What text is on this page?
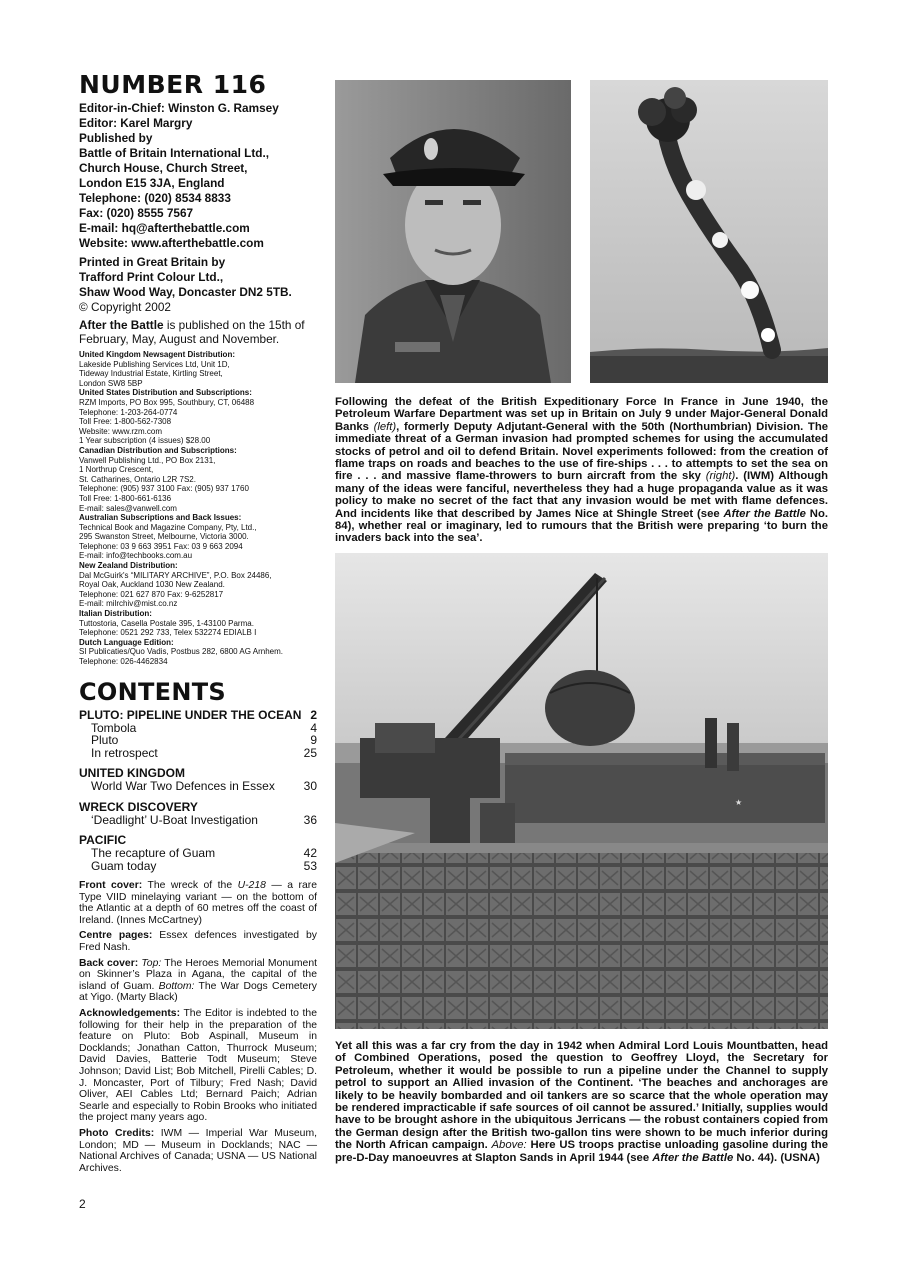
NUMBER 116
Editor-in-Chief: Winston G. Ramsey
Editor: Karel Margry
Published by
Battle of Britain International Ltd.,
Church House, Church Street,
London E15 3JA, England
Telephone: (020) 8534 8833
Fax: (020) 8555 7567
E-mail: hq@afterthebattle.com
Website: www.afterthebattle.com
Printed in Great Britain by
Trafford Print Colour Ltd.,
Shaw Wood Way, Doncaster DN2 5TB.
© Copyright 2002
After the Battle is published on the 15th of February, May, August and November.
United Kingdom Newsagent Distribution:
Lakeside Publishing Services Ltd, Unit 1D,
Tideway Industrial Estate, Kirtling Street,
London SW8 5BP
United States Distribution and Subscriptions:
RZM Imports, PO Box 995, Southbury, CT, 06488
Telephone: 1-203-264-0774
Toll Free: 1-800-562-7308
Website: www.rzm.com
1 Year subscription (4 issues) $28.00
Canadian Distribution and Subscriptions:
Vanwell Publishing Ltd., PO Box 2131,
1 Northrup Crescent,
St. Catharines, Ontario L2R 7S2.
Telephone: (905) 937 3100 Fax: (905) 937 1760
Toll Free: 1-800-661-6136
E-mail: sales@vanwell.com
Australian Subscriptions and Back Issues:
Technical Book and Magazine Company, Pty, Ltd.,
295 Swanston Street, Melbourne, Victoria 3000.
Telephone: 03 9 663 3951 Fax: 03 9 663 2094
E-mail: info@techbooks.com.au
New Zealand Distribution:
Dal McGuirk's “MILITARY ARCHIVE”, P.O. Box 24486,
Royal Oak, Auckland 1030 New Zealand.
Telephone: 021 627 870 Fax: 9-6252817
E-mail: milrchiv@mist.co.nz
Italian Distribution:
Tuttostoria, Casella Postale 395, 1-43100 Parma.
Telephone: 0521 292 733, Telex 532274 EDIALB I
Dutch Language Edition:
SI Publicaties/Quo Vadis, Postbus 282, 6800 AG Arnhem.
Telephone: 026-4462834
CONTENTS
PLUTO: PIPELINE UNDER THE OCEAN 2
Tombola	4
Pluto	9
In retrospect	25
UNITED KINGDOM
World War Two Defences in Essex 30
WRECK DISCOVERY
‘Deadlight’ U-Boat Investigation	36
PACIFIC
The recapture of Guam	42
Guam today	53

Front cover: The wreck of the U-218 — a rare Type VIID minelaying variant — on the bottom of the Atlantic at a depth of 60 metres off the coast of Ireland. (Innes McCartney)

Centre pages: Essex defences investigated by Fred Nash.

Back cover: Top: The Heroes Memorial Monument on Skinner’s Plaza in Agana, the capital of the island of Guam. Bottom: The War Dogs Cemetery at Yigo. (Marty Black)

Acknowledgements: The Editor is indebted to the following for their help in the preparation of the feature on Pluto: Bob Aspinall, Museum in Docklands; Jonathan Catton, Thurrock Museum; David Davies, Batterie Todt Museum; Steve Johnson; David List; Bob Mitchell, Pirelli Cables; D. J. Moncaster, Port of Tilbury; Fred Nash; David Oliver, AEI Cables Ltd; Bernard Paich; Adrian Searle and especially to Robin Brooks who initiated the project many years ago.

Photo Credits: IWM — Imperial War Museum, London; MD — Museum in Docklands; NAC — National Archives of Canada; USNA — US National Archives.

Following the defeat of the British Expeditionary Force In France in June 1940, the Petroleum Warfare Department was set up in Britain on July 9 under Major-General Donald Banks (left), formerly Deputy Adjutant-General with the 50th (Northumbrian) Division. The immediate threat of a German invasion had prompted schemes for using the accumulated stocks of petrol and oil to defend Britain. Novel experiments followed: from the creation of flame traps on roads and beaches to the use of fire-ships . . . to attempts to set the sea on fire . . . and massive flame-throwers to burn aircraft from the sky (right). (IWM) Although many of the ideas were fanciful, nevertheless they had a huge propaganda value as it was policy to make no secret of the fact that any invasion would be met with flame defences. And incidents like that described by James Nice at Shingle Street (see After the Battle No. 84), whether real or imaginary, led to rumours that the British were preparing ‘to burn the invaders back into the sea’.
★
Yet all this was a far cry from the day in 1942 when Admiral Lord Louis Mountbatten, head of Combined Operations, posed the question to Geoffrey Lloyd, the Secretary for Petroleum, whether it would be possible to run a pipeline under the Channel to supply petrol to support an Allied invasion of the Continent. ‘The beaches and anchorages are likely to be heavily bombarded and oil tankers are so scarce that the whole operation may be rendered impracticable if safe sources of oil cannot be assured.’ Initially, supplies would have to be brought ashore in the ubiquitous Jerricans — the robust containers copied from the German design after the British two-gallon tins were shown to be much inferior during the North African campaign. Above: Here US troops practise unloading gasoline during the pre-D-Day manoeuvres at Slapton Sands in April 1944 (see After the Battle No. 44). (USNA)
2
